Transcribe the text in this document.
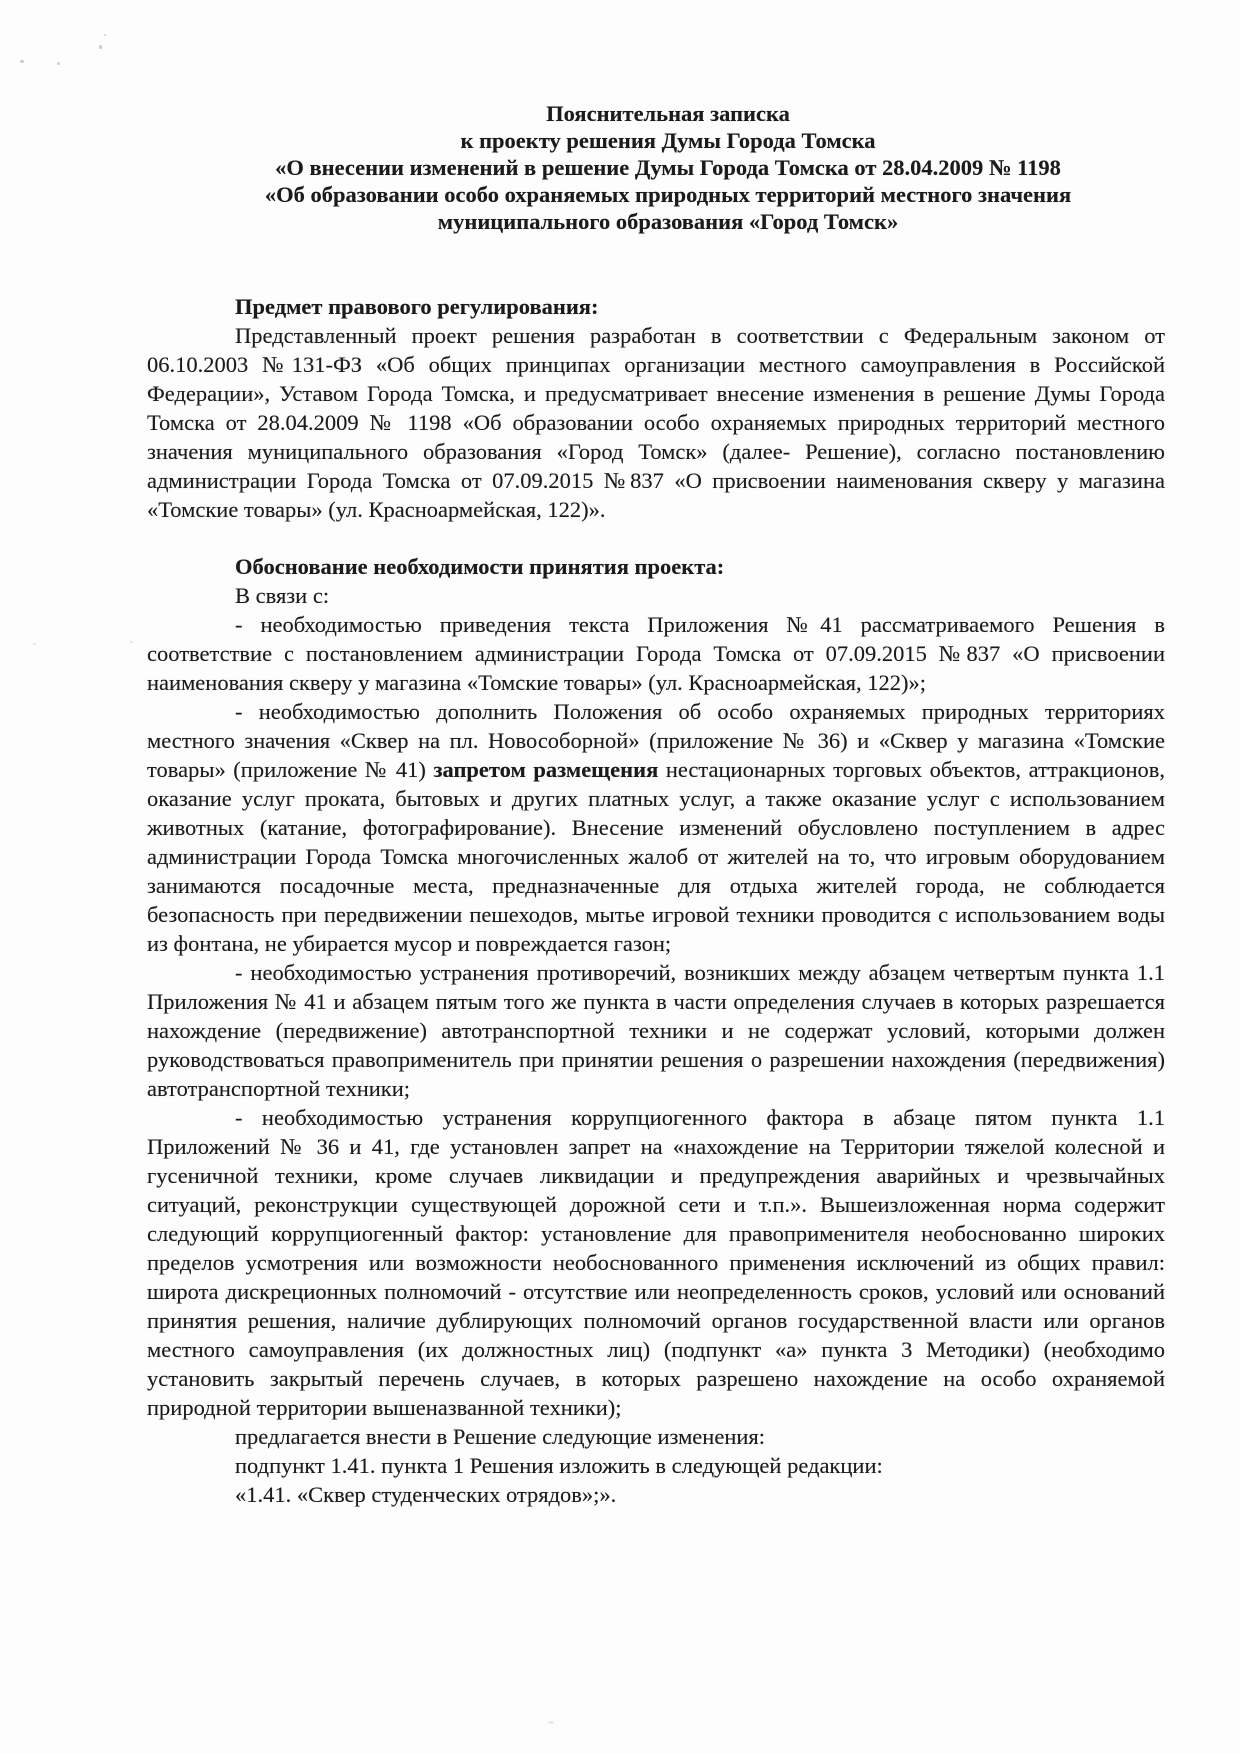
Пояснительная записка
к проекту решения Думы Города Томска
«О внесении изменений в решение Думы Города Томска от 28.04.2009 № 1198
«Об образовании особо охраняемых природных территорий местного значения
муниципального образования «Город Томск»
Предмет правового регулирования:

Представленный проект решения разработан в соответствии с Федеральным законом от 06.10.2003 №131-ФЗ «Об общих принципах организации местного самоуправления в Российской Федерации», Уставом Города Томска, и предусматривает внесение изменения в решение Думы Города Томска от 28.04.2009 № 1198 «Об образовании особо охраняемых природных территорий местного значения муниципального образования «Город Томск» (далее- Решение), согласно постановлению администрации Города Томска от 07.09.2015 №837 «О присвоении наименования скверу у магазина «Томские товары» (ул. Красноармейская, 122)».

Обоснование необходимости принятия проекта:

В связи с:

- необходимостью приведения текста Приложения №41 рассматриваемого Решения в соответствие с постановлением администрации Города Томска от 07.09.2015 №837 «О присвоении наименования скверу у магазина «Томские товары» (ул. Красноармейская, 122)»;

- необходимостью дополнить Положения об особо охраняемых природных территориях местного значения «Сквер на пл. Новособорной» (приложение № 36) и «Сквер у магазина «Томские товары» (приложение № 41) запретом размещения нестационарных торговых объектов, аттракционов, оказание услуг проката, бытовых и других платных услуг, а также оказание услуг с использованием животных (катание, фотографирование). Внесение изменений обусловлено поступлением в адрес администрации Города Томска многочисленных жалоб от жителей на то, что игровым оборудованием занимаются посадочные места, предназначенные для отдыха жителей города, не соблюдается безопасность при передвижении пешеходов, мытье игровой техники проводится с использованием воды из фонтана, не убирается мусор и повреждается газон;

- необходимостью устранения противоречий, возникших между абзацем четвертым пункта 1.1 Приложения № 41 и абзацем пятым того же пункта в части определения случаев в которых разрешается нахождение (передвижение) автотранспортной техники и не содержат условий, которыми должен руководствоваться правоприменитель при принятии решения о разрешении нахождения (передвижения) автотранспортной техники;

- необходимостью устранения коррупциогенного фактора в абзаце пятом пункта 1.1 Приложений № 36 и 41, где установлен запрет на «нахождение на Территории тяжелой колесной и гусеничной техники, кроме случаев ликвидации и предупреждения аварийных и чрезвычайных ситуаций, реконструкции существующей дорожной сети и т.п.». Вышеизложенная норма содержит следующий коррупциогенный фактор: установление для правоприменителя необоснованно широких пределов усмотрения или возможности необоснованного применения исключений из общих правил: широта дискреционных полномочий - отсутствие или неопределенность сроков, условий или оснований принятия решения, наличие дублирующих полномочий органов государственной власти или органов местного самоуправления (их должностных лиц) (подпункт «а» пункта 3 Методики) (необходимо установить закрытый перечень случаев, в которых разрешено нахождение на особо охраняемой природной территории вышеназванной техники);

предлагается внести в Решение следующие изменения:

подпункт 1.41. пункта 1 Решения изложить в следующей редакции:

«1.41. «Сквер студенческих отрядов»;».
